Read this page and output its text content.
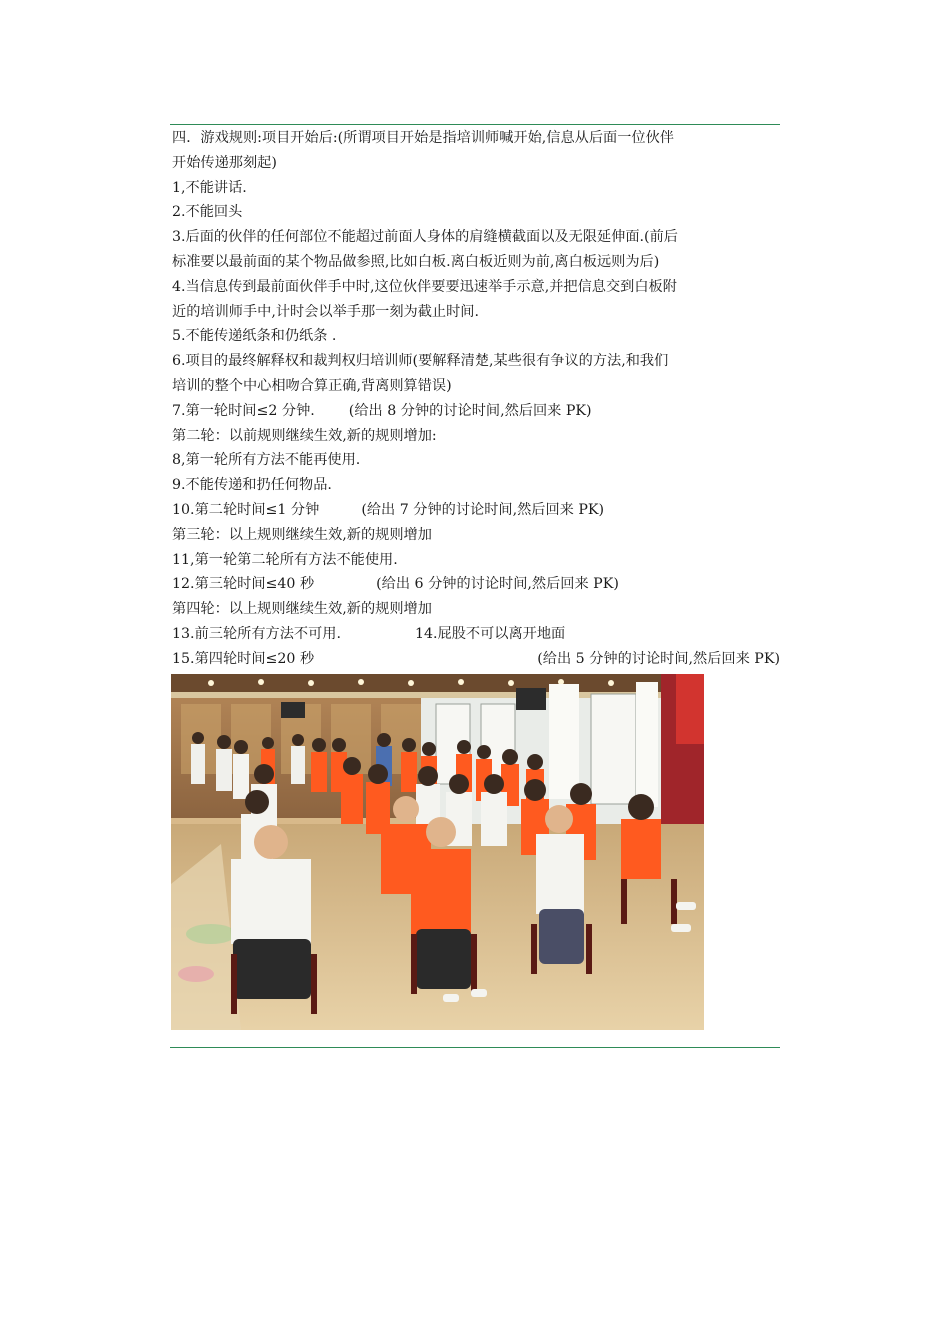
四．游戏规则:项目开始后:(所谓项目开始是指培训师喊开始,信息从后面一位伙伴
开始传递那刻起)
1,不能讲话.
2.不能回头
3.后面的伙伴的任何部位不能超过前面人身体的肩缝横截面以及无限延伸面.(前后
标准要以最前面的某个物品做参照,比如白板.离白板近则为前,离白板远则为后)
4.当信息传到最前面伙伴手中时,这位伙伴要要迅速举手示意,并把信息交到白板附
近的培训师手中,计时会以举手那一刻为截止时间.
5.不能传递纸条和仍纸条 .
6.项目的最终解释权和裁判权归培训师(要解释清楚,某些很有争议的方法,和我们
培训的整个中心相吻合算正确,背离则算错误)
7.第一轮时间≤2 分钟. (给出 8 分钟的讨论时间,然后回来 PK)
第二轮：以前规则继续生效,新的规则增加:
8,第一轮所有方法不能再使用.
9.不能传递和扔任何物品.
10.第二轮时间≤1 分钟	(给出 7 分钟的讨论时间,然后回来 PK)
第三轮：以上规则继续生效,新的规则增加
11,第一轮第二轮所有方法不能使用.
12.第三轮时间≤40 秒	(给出 6 分钟的讨论时间,然后回来 PK)
第四轮：以上规则继续生效,新的规则增加
13.前三轮所有方法不可用.	14.屁股不可以离开地面
15.第四轮时间≤20 秒	(给出 5 分钟的讨论时间,然后回来 PK)
